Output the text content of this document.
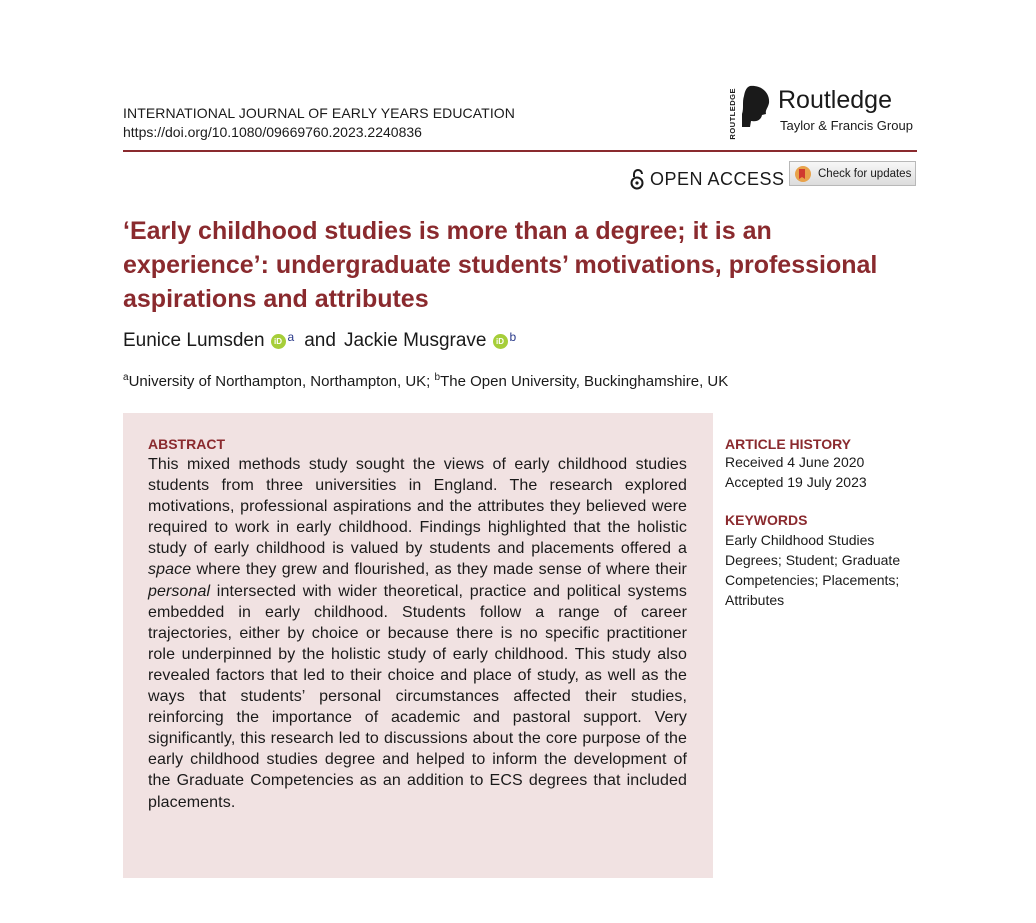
INTERNATIONAL JOURNAL OF EARLY YEARS EDUCATION
https://doi.org/10.1080/09669760.2023.2240836	ROUTLEDGE Routledge
Taylor & Francis Group
OPEN ACCESS	Check for updates
‘Early childhood studies is more than a degree; it is an experience’: undergraduate students’ motivations, professional aspirations and attributes
Eunice Lumsden	iD a and Jackie Musgrave	iD b
$^a$University of Northampton, Northampton, UK; $^b$The Open University, Buckinghamshire, UK
ABSTRACT

This mixed methods study sought the views of early childhood studies students from three universities in England. The research explored motivations, professional aspirations and the attributes they believed were required to work in early childhood. Findings highlighted that the holistic study of early childhood is valued by students and placements offered a space where they grew and flourished, as they made sense of where their personal intersected with wider theoretical, practice and political systems embedded in early childhood. Students follow a range of career trajectories, either by choice or because there is no specific practitioner role underpinned by the holistic study of early childhood. This study also revealed factors that led to their choice and place of study, as well as the ways that students’ personal circumstances affected their studies, reinforcing the importance of academic and pastoral support. Very significantly, this research led to discussions about the core purpose of the early childhood studies degree and helped to inform the development of the Graduate Competencies as an addition to ECS degrees that included placements.

ARTICLE HISTORY
Received 4 June 2020
Accepted 19 July 2023
KEYWORDS
Early Childhood Studies Degrees; Student; Graduate Competencies; Placements; Attributes
